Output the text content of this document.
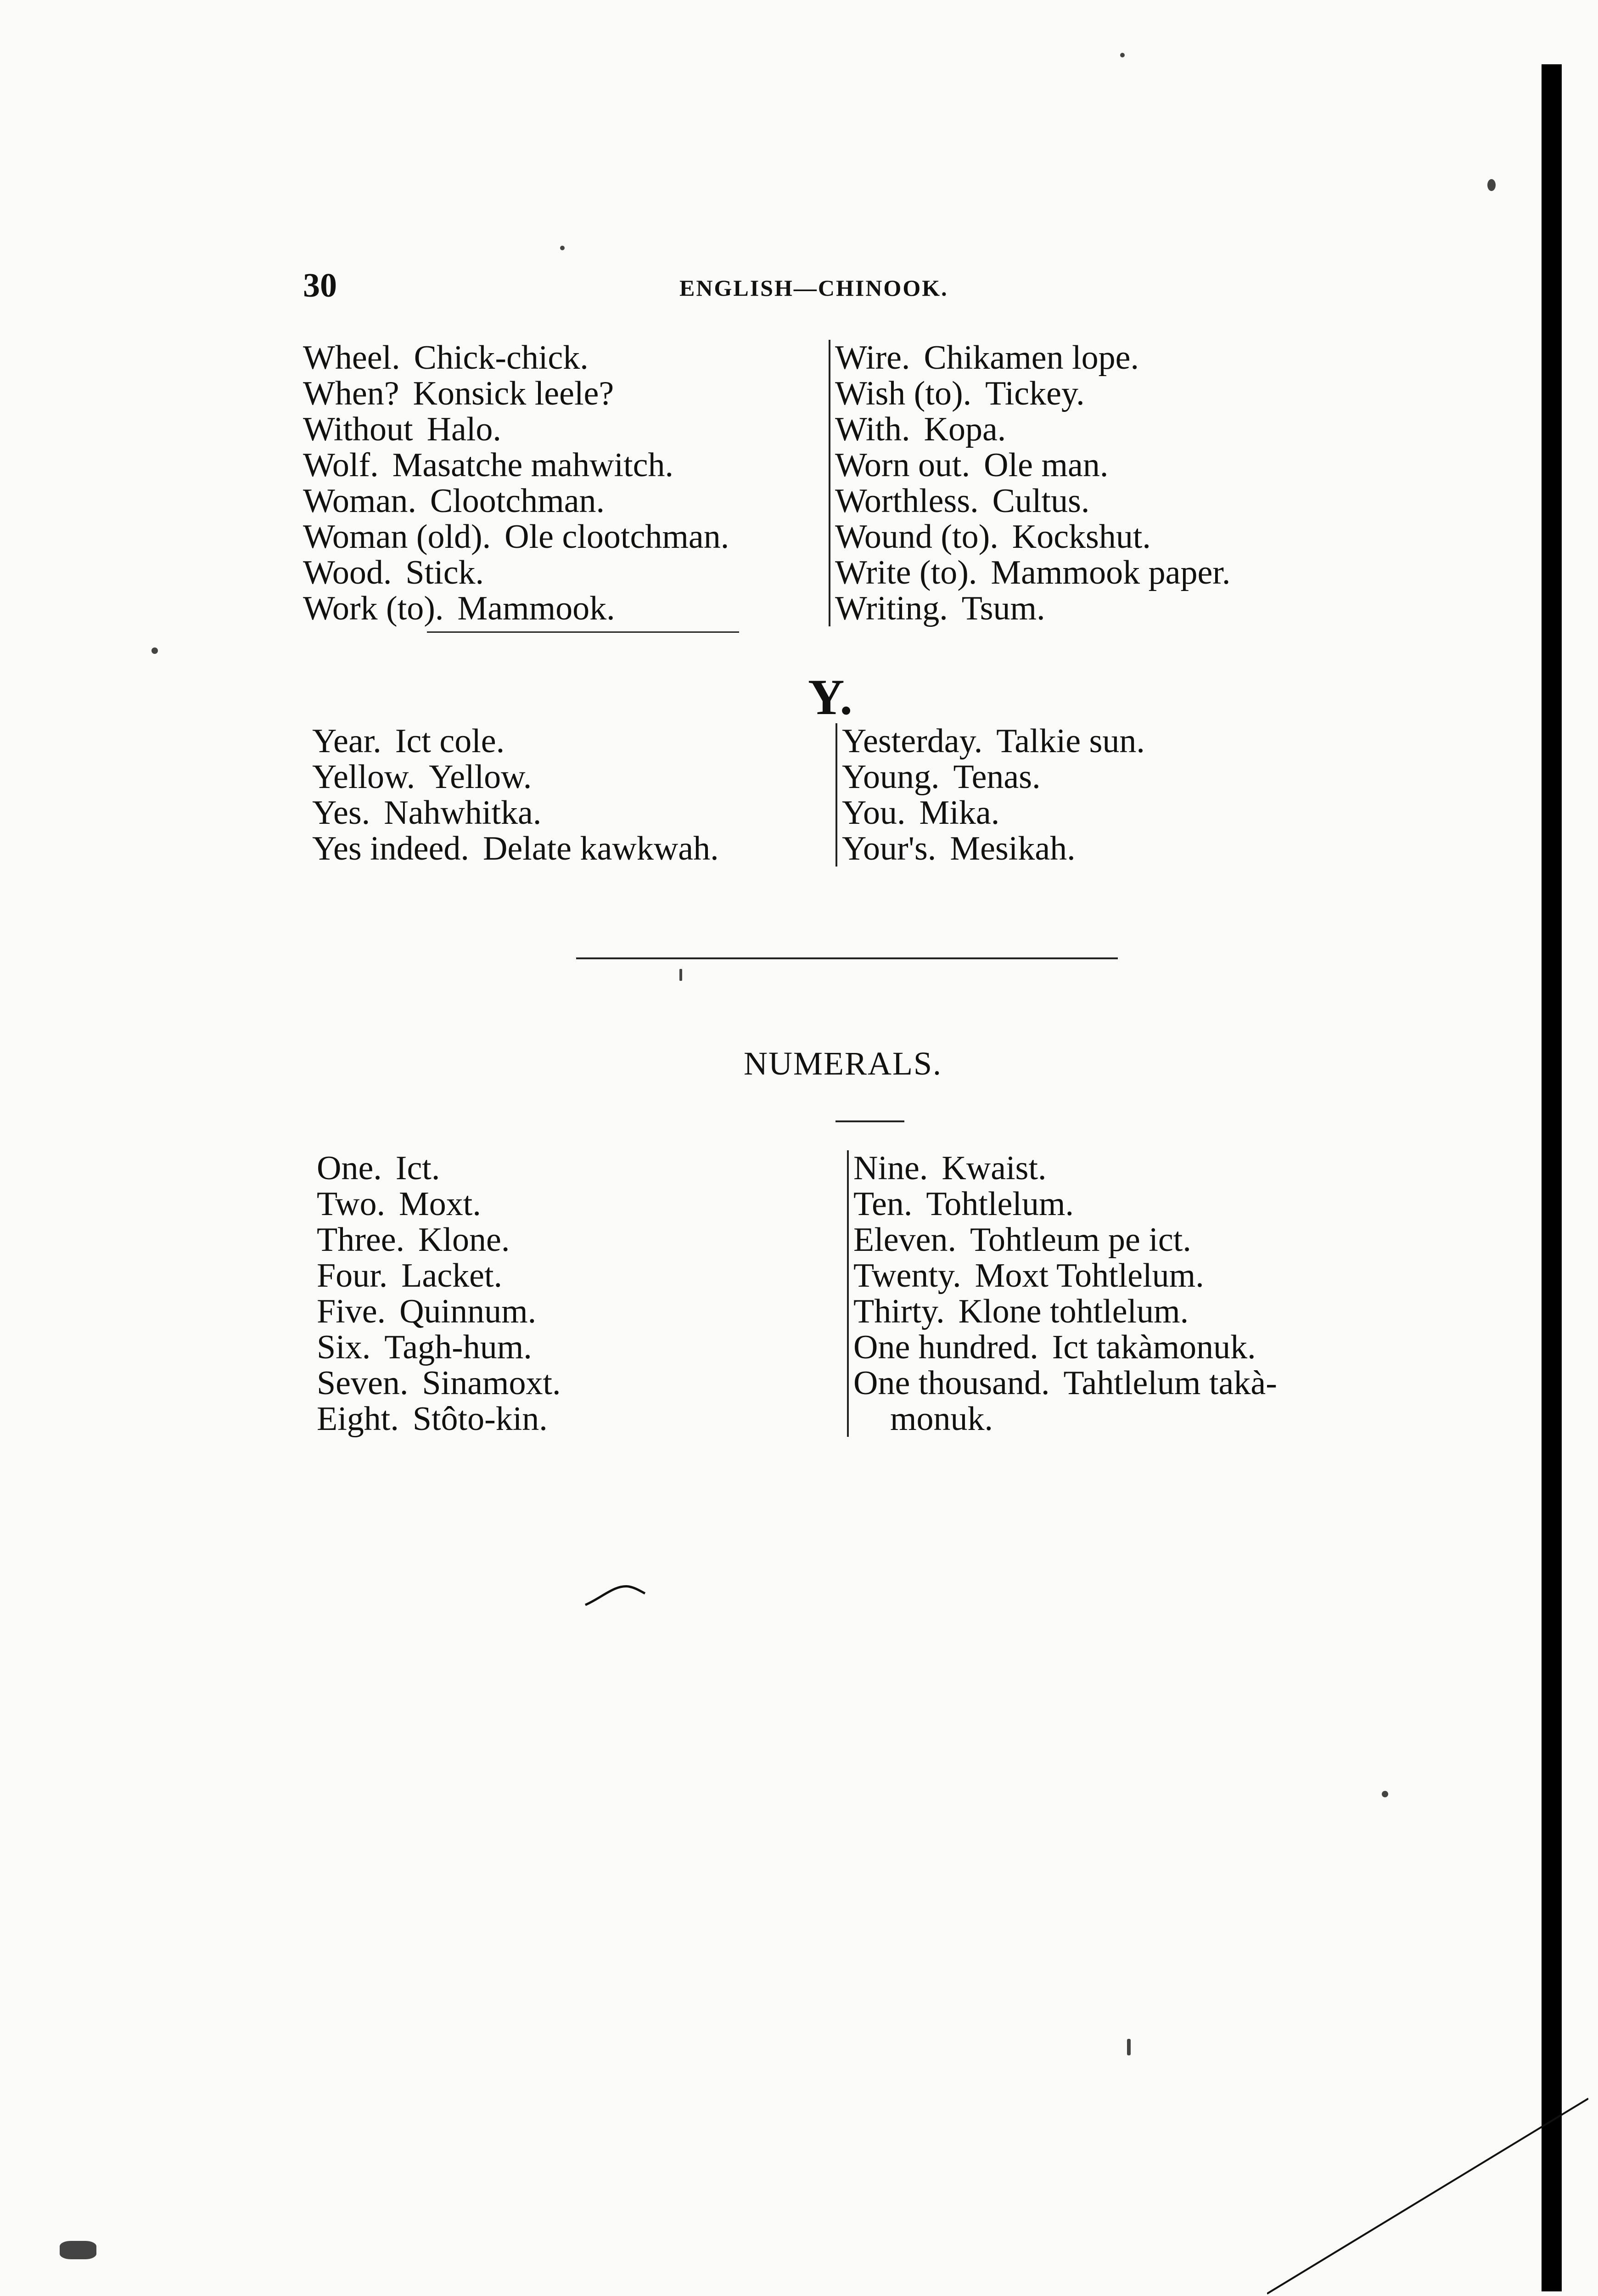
30	ENGLISH—CHINOOK.
Wheel. Chick-chick.
When? Konsick leele?
Without Halo.
Wolf. Masatche mahwitch.
Woman. Clootchman.
Woman (old). Ole clootchman.
Wood. Stick.
Work (to). Mammook.
Wire. Chikamen lope.
Wish (to). Tickey.
With. Kopa.
Worn out. Ole man.
Worthless. Cultus.
Wound (to). Kockshut.
Write (to). Mammook paper.
Writing. Tsum.
Y.
Year. Ict cole.
Yellow. Yellow.
Yes. Nahwhitka.
Yes indeed. Delate kawkwah.
Yesterday. Talkie sun.
Young. Tenas.
You. Mika.
Your's. Mesikah.
NUMERALS.
One. Ict.
Two. Moxt.
Three. Klone.
Four. Lacket.
Five. Quinnum.
Six. Tagh-hum.
Seven. Sinamoxt.
Eight. Stôto-kin.
Nine. Kwaist.
Ten. Tohtlelum.
Eleven. Tohtleum pe ict.
Twenty. Moxt Tohtlelum.
Thirty. Klone tohtlelum.
One hundred. Ict takàmonuk.
One thousand. Tahtlelum takà-
monuk.
